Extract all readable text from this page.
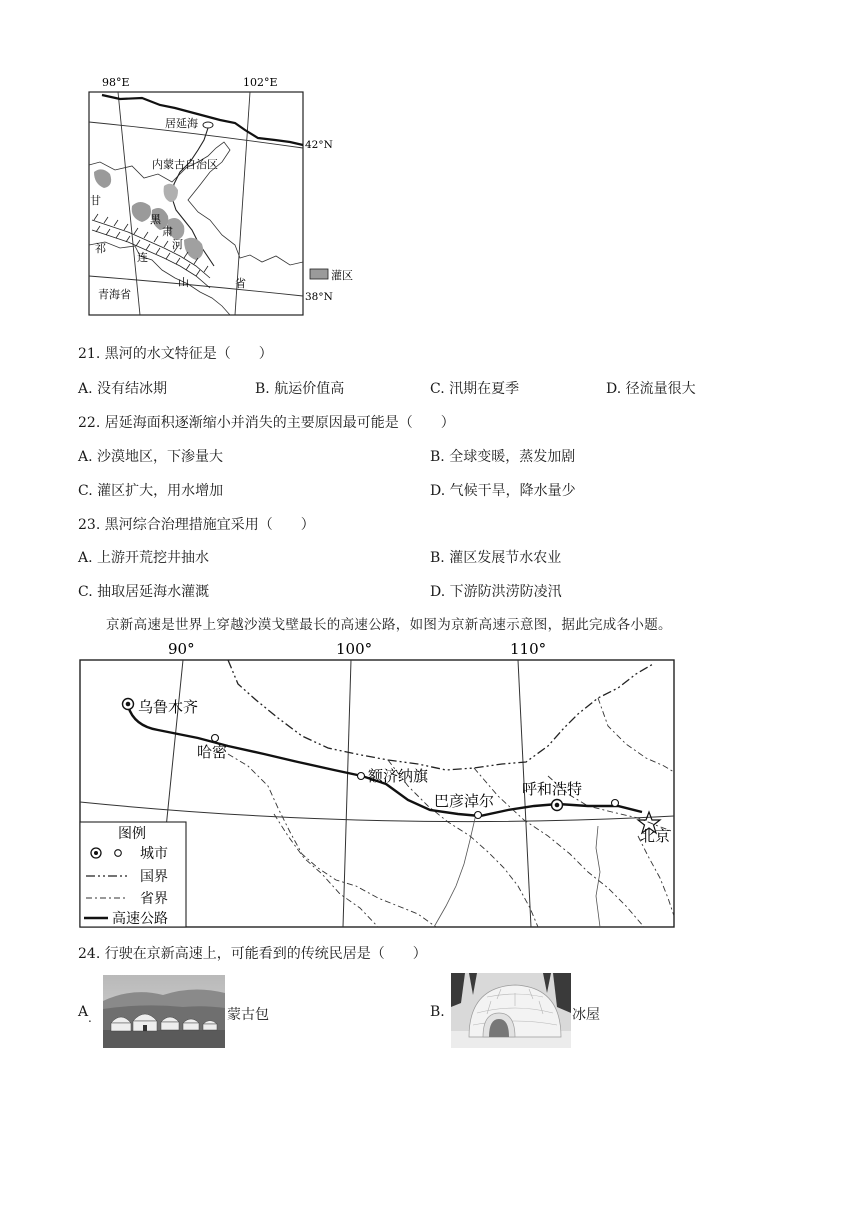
98°E	102°E
居延海
内蒙古自治区
甘
黑
肃
河
祁
连
山	省
青海省
42°N
38°N
灌区
21. 黑河的水文特征是（　　）
A. 没有结冰期	B. 航运价值高	C. 汛期在夏季	D. 径流量很大
22. 居延海面积逐渐缩小并消失的主要原因最可能是（　　）
A. 沙漠地区，下渗量大	B. 全球变暖，蒸发加剧
C. 灌区扩大，用水增加	D. 气候干旱，降水量少
23. 黑河综合治理措施宜采用（　　）
A. 上游开荒挖井抽水	B. 灌区发展节水农业
C. 抽取居延海水灌溉	D. 下游防洪涝防凌汛
京新高速是世界上穿越沙漠戈壁最长的高速公路，如图为京新高速示意图，据此完成各小题。
90°	100°	110°
乌鲁木齐
哈密
额济纳旗
巴彦淖尔
呼和浩特
北京
图例
城市
国界
省界
高速公路
24. 行驶在京新高速上，可能看到的传统民居是（　　）
A .	蒙古包	B.	冰屋
